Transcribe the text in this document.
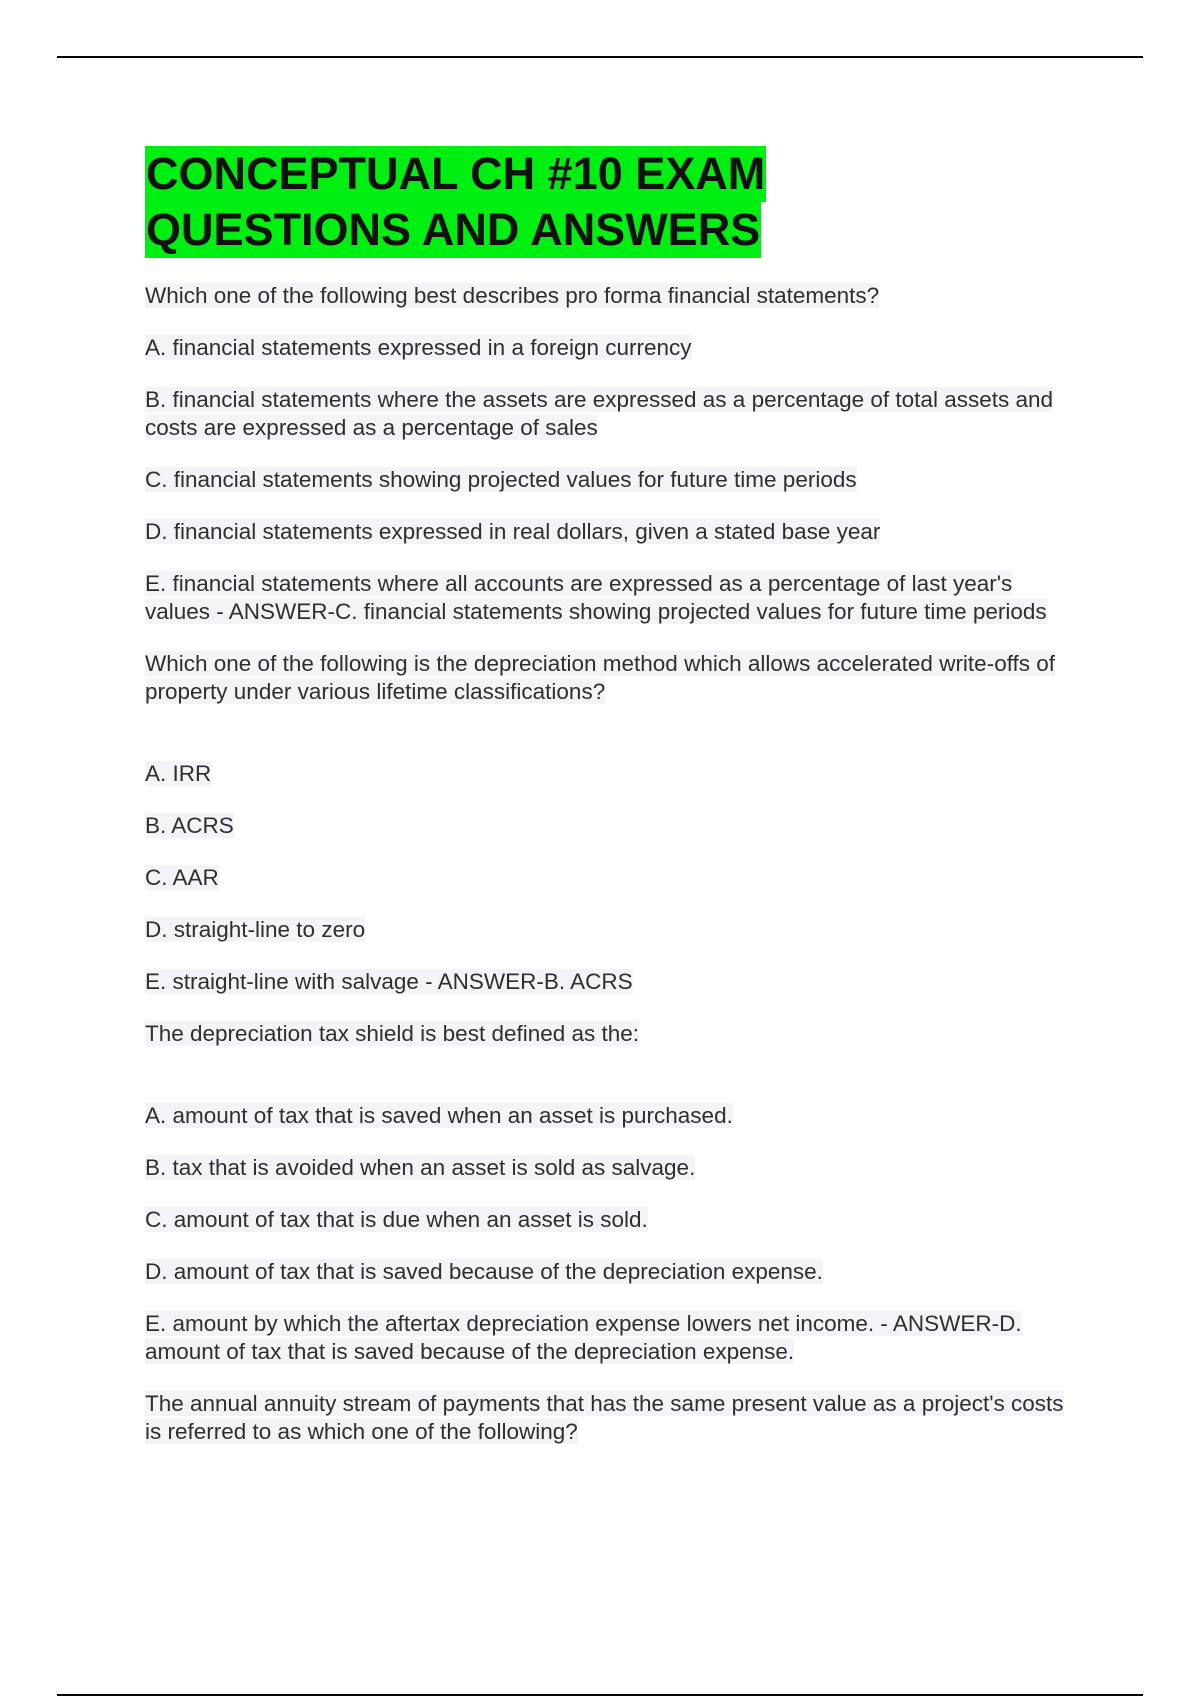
CONCEPTUAL CH #10 EXAM
QUESTIONS AND ANSWERS

Which one of the following best describes pro forma financial statements?

A. financial statements expressed in a foreign currency

B. financial statements where the assets are expressed as a percentage of total assets and costs are expressed as a percentage of sales

C. financial statements showing projected values for future time periods

D. financial statements expressed in real dollars, given a stated base year

E. financial statements where all accounts are expressed as a percentage of last year's values - ANSWER-C. financial statements showing projected values for future time periods

Which one of the following is the depreciation method which allows accelerated write-offs of property under various lifetime classifications?

A. IRR

B. ACRS

C. AAR

D. straight-line to zero

E. straight-line with salvage - ANSWER-B. ACRS

The depreciation tax shield is best defined as the:

A. amount of tax that is saved when an asset is purchased.

B. tax that is avoided when an asset is sold as salvage.

C. amount of tax that is due when an asset is sold.

D. amount of tax that is saved because of the depreciation expense.

E. amount by which the aftertax depreciation expense lowers net income. - ANSWER-D. amount of tax that is saved because of the depreciation expense.

The annual annuity stream of payments that has the same present value as a project's costs is referred to as which one of the following?
